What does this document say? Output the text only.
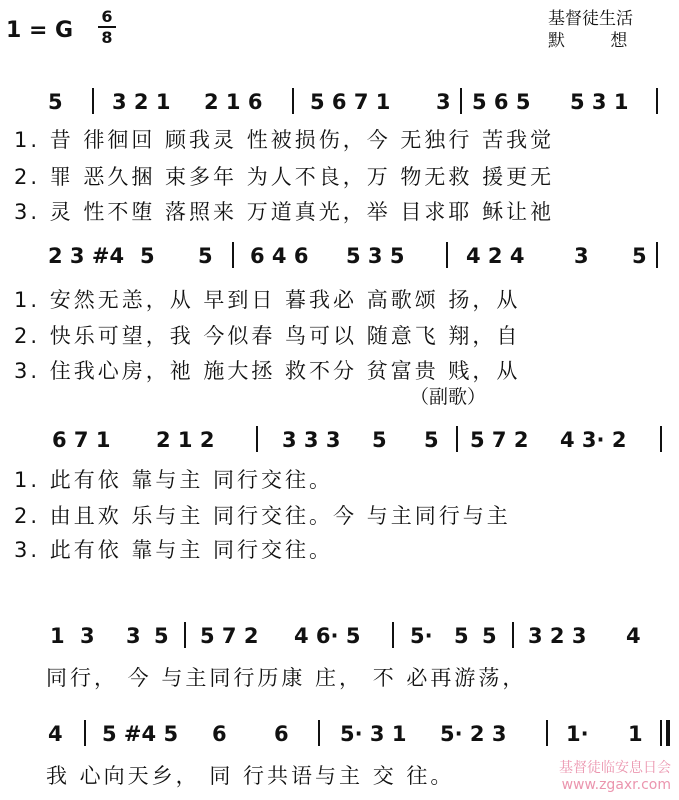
1 = G
6
8
基督徒生活
默 想
5 3 2 1 2 1 6 5 6 7 1 3 5 6 5 5 3 1
1. 昔 徘徊回 顾我灵 性被损伤，今 无独行 苦我觉
2. 罪 恶久捆 束多年 为人不良，万 物无救 援更无
3. 灵 性不堕 落照来 万道真光，举 目求耶 稣让祂
2 3 #4 5 5 6 4 6 5 3 5	4 2 4 3 5
1. 安然无恙，从 早到日 暮我必 高歌颂 扬，从
2. 快乐可望，我 今似春 鸟可以 随意飞 翔，自
3. 住我心房，祂 施大拯 救不分 贫富贵 贱，从
（副歌）
6 7 1 2 1 2	3 3 3 5 5 5 7 2 4 3· 2
1. 此有依 靠与主 同行交往。
2. 由且欢 乐与主 同行交往。今 与主同行与主
3. 此有依 靠与主 同行交往。
1 3 3 5 5 7 2 4 6· 5 5· 5 5 3 2 3 4
同行， 今 与主同行历康 庄， 不 必再游荡，
4 5 #4 5 6 6 5· 3 1 5· 2 3	1· 1
我 心向天乡， 同 行共语与主 交 往。	基督徒临安息日会
www.zgaxr.com
